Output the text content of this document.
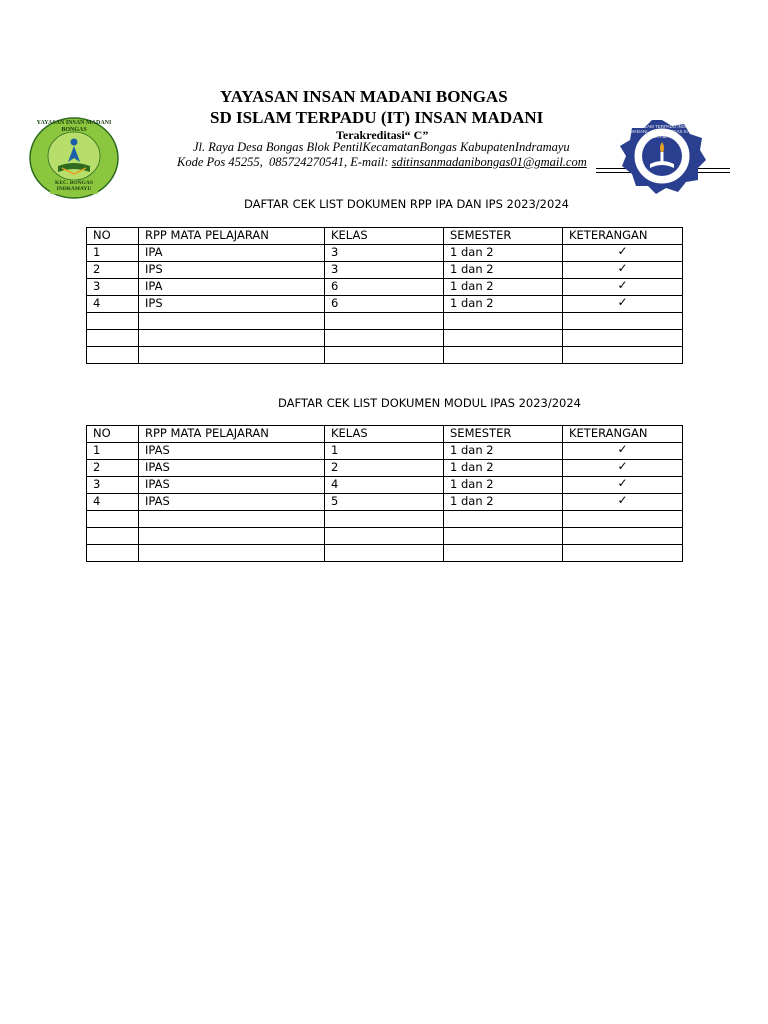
YAYASAN INSAN MADANI BONGAS
KEC. BONGAS INDRAMAYU
YAYASAN INSAN MADANI BONGAS
SD ISLAM TERPADU (IT) INSAN MADANI
Terakreditasi“ C”
Jl. Raya Desa Bongas Blok PentilKecamatanBongas KabupatenIndramayu
Kode Pos 45255,  085724270541, E-mail: sditinsanmadanibongas01@gmail.com
SD ISLAM TERPADU INSAN MADANI · KEC. BONGAS KAB. INDRAMAYU
DAFTAR CEK LIST DOKUMEN RPP IPA DAN IPS 2023/2024
NO	RPP MATA PELAJARAN	KELAS	SEMESTER	KETERANGAN
1	IPA	3	1 dan 2	✓
2	IPS	3	1 dan 2	✓
3	IPA	6	1 dan 2	✓
4	IPS	6	1 dan 2	✓

DAFTAR CEK LIST DOKUMEN MODUL IPAS 2023/2024
NO	RPP MATA PELAJARAN	KELAS	SEMESTER	KETERANGAN
1	IPAS	1	1 dan 2	✓
2	IPAS	2	1 dan 2	✓
3	IPAS	4	1 dan 2	✓
4	IPAS	5	1 dan 2	✓
